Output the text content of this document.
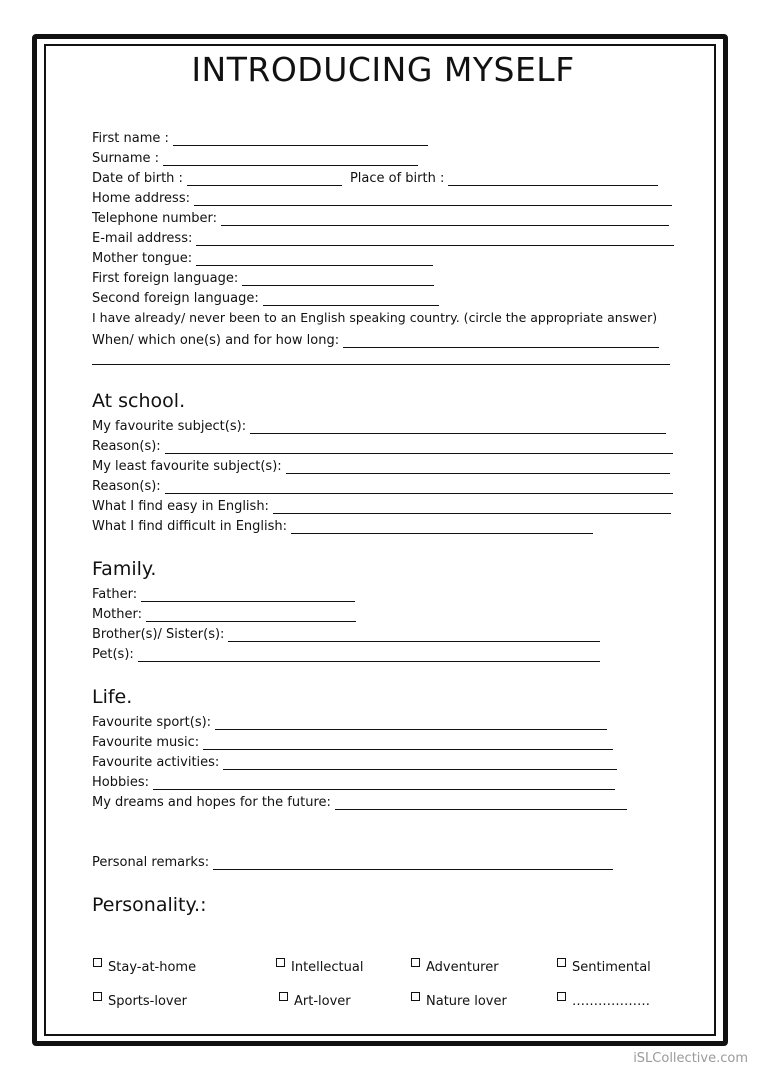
INTRODUCING MYSELF
First name :
Surname :
Date of birth :	Place of birth :
Home address:
Telephone number:
E-mail address:
Mother tongue:
First foreign language:
Second foreign language:
I have already/ never been to an English speaking country. (circle the appropriate answer)
When/ which one(s) and for how long:
At school.
My favourite subject(s):
Reason(s):
My least favourite subject(s):
Reason(s):
What I find easy in English:
What I find difficult in English:
Family.
Father:
Mother:
Brother(s)/ Sister(s):
Pet(s):
Life.
Favourite sport(s):
Favourite music:
Favourite activities:
Hobbies:
My dreams and hopes for the future:
Personal remarks:
Personality.:
Stay-at-home	Intellectual	Adventurer	Sentimental
Sports-lover	Art-lover	Nature lover	………………
iSLCollective.com
